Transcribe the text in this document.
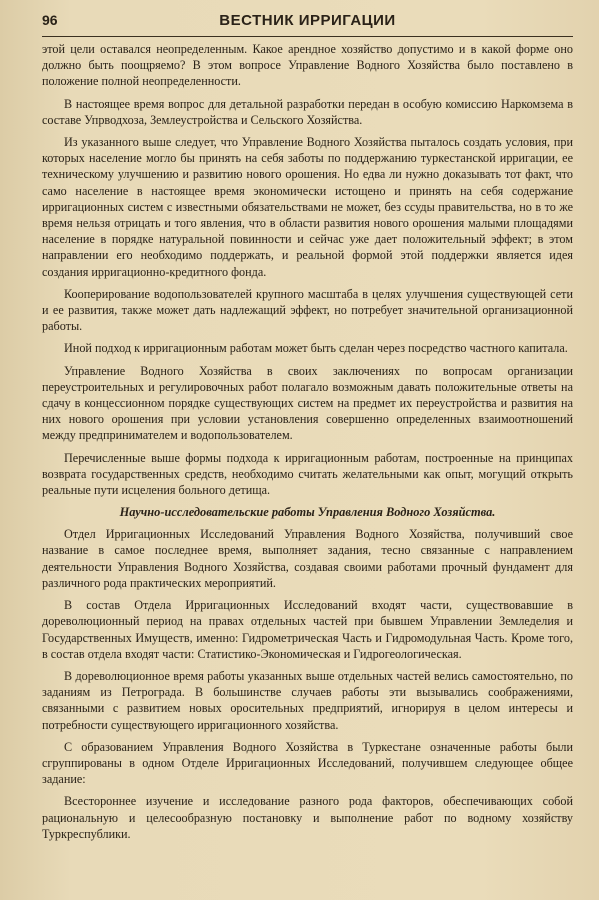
96	ВЕСТНИК ИРРИГАЦИИ

этой цели оставался неопределенным. Какое арендное хозяйство допустимо и в какой форме оно должно быть поощряемо? В этом вопросе Управление Водного Хозяйства было поставлено в положение полной неопределенности.

В настоящее время вопрос для детальной разработки передан в особую комиссию Наркомзема в составе Упрводхоза, Землеустройства и Сельского Хозяйства.

Из указанного выше следует, что Управление Водного Хозяйства пыталось создать условия, при которых население могло бы принять на себя заботы по поддержанию туркестанской ирригации, ее техническому улучшению и развитию нового орошения. Но едва ли нужно доказывать тот факт, что само население в настоящее время экономически истощено и принять на себя содержание ирригационных систем с известными обязательствами не может, без ссуды правительства, но в то же время нельзя отрицать и того явления, что в области развития нового орошения малыми площадями население в порядке натуральной повинности и сейчас уже дает положительный эффект; в этом направлении его необходимо поддержать, и реальной формой этой поддержки является идея создания ирригационно-кредитного фонда.

Кооперирование водопользователей крупного масштаба в целях улучшения существующей сети и ее развития, также может дать надлежащий эффект, но потребует значительной организационной работы.

Иной подход к ирригационным работам может быть сделан через посредство частного капитала.

Управление Водного Хозяйства в своих заключениях по вопросам организации переустроительных и регулировочных работ полагало возможным давать положительные ответы на сдачу в концессионном порядке существующих систем на предмет их переустройства и развития на них нового орошения при условии установления совершенно определенных взаимоотношений между предпринимателем и водопользователем.

Перечисленные выше формы подхода к ирригационным работам, построенные на принципах возврата государственных средств, необходимо считать желательными как опыт, могущий открыть реальные пути исцеления больного детища.

Научно-исследовательские работы Управления Водного Хозяйства.

Отдел Ирригационных Исследований Управления Водного Хозяйства, получивший свое название в самое последнее время, выполняет задания, тесно связанные с направлением деятельности Управления Водного Хозяйства, создавая своими работами прочный фундамент для различного рода практических мероприятий.

В состав Отдела Ирригационных Исследований входят части, существовавшие в дореволюционный период на правах отдельных частей при бывшем Управлении Земледелия и Государственных Имуществ, именно: Гидрометрическая Часть и Гидромодульная Часть. Кроме того, в состав отдела входят части: Статистико-Экономическая и Гидрогеологическая.

В дореволюционное время работы указанных выше отдельных частей велись самостоятельно, по заданиям из Петрограда. В большинстве случаев работы эти вызывались соображениями, связанными с развитием новых оросительных предприятий, игнорируя в целом интересы и потребности существующего ирригационного хозяйства.

С образованием Управления Водного Хозяйства в Туркестане означенные работы были сгруппированы в одном Отделе Ирригационных Исследований, получившем следующее общее задание:

Всестороннее изучение и исследование разного рода факторов, обеспечивающих собой рациональную и целесообразную постановку и выполнение работ по водному хозяйству Туркреспублики.
